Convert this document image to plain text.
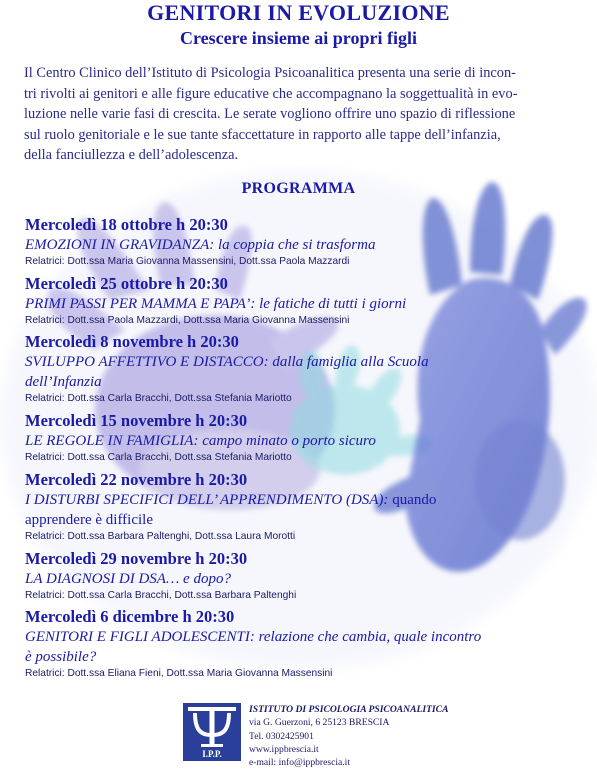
GENITORI IN EVOLUZIONE
Crescere insieme ai propri figli
Il Centro Clinico dell’Istituto di Psicologia Psicoanalitica presenta una serie di incon-
tri rivolti ai genitori e alle figure educative che accompagnano la soggettualità in evo-
luzione nelle varie fasi di crescita. Le serate vogliono offrire uno spazio di riflessione
sul ruolo genitoriale e le sue tante sfaccettature in rapporto alle tappe dell’infanzia,
della fanciullezza e dell’adolescenza.
PROGRAMMA
Mercoledì 18 ottobre h 20:30
EMOZIONI IN GRAVIDANZA: la coppia che si trasforma
Relatrici: Dott.ssa Maria Giovanna Massensini, Dott.ssa Paola Mazzardi
Mercoledì 25 ottobre h 20:30
PRIMI PASSI PER MAMMA E PAPA’: le fatiche di tutti i giorni
Relatrici: Dott.ssa Paola Mazzardi, Dott.ssa Maria Giovanna Massensini
Mercoledì 8 novembre h 20:30
SVILUPPO AFFETTIVO E DISTACCO: dalla famiglia alla Scuola
dell’Infanzia
Relatrici: Dott.ssa Carla Bracchi, Dott.ssa Stefania Mariotto
Mercoledì 15 novembre h 20:30
LE REGOLE IN FAMIGLIA: campo minato o porto sicuro
Relatrici: Dott.ssa Carla Bracchi, Dott.ssa Stefania Mariotto
Mercoledì 22 novembre h 20:30
I DISTURBI SPECIFICI DELL’ APPRENDIMENTO (DSA): quando
apprendere è difficile
Relatrici: Dott.ssa Barbara Paltenghi, Dott.ssa Laura Morotti
Mercoledì 29 novembre h 20:30
LA DIAGNOSI DI DSA… e dopo?
Relatrici: Dott.ssa Carla Bracchi, Dott.ssa Barbara Paltenghi
Mercoledì 6 dicembre h 20:30
GENITORI E FIGLI ADOLESCENTI: relazione che cambia, quale incontro
è possibile?
Relatrici: Dott.ssa Eliana Fieni, Dott.ssa Maria Giovanna Massensini
I.P.P.
ISTITUTO DI PSICOLOGIA PSICOANALITICA
via G. Guerzoni, 6 25123 BRESCIA
Tel. 0302425901
www.ippbrescia.it
e-mail: info@ippbrescia.it
